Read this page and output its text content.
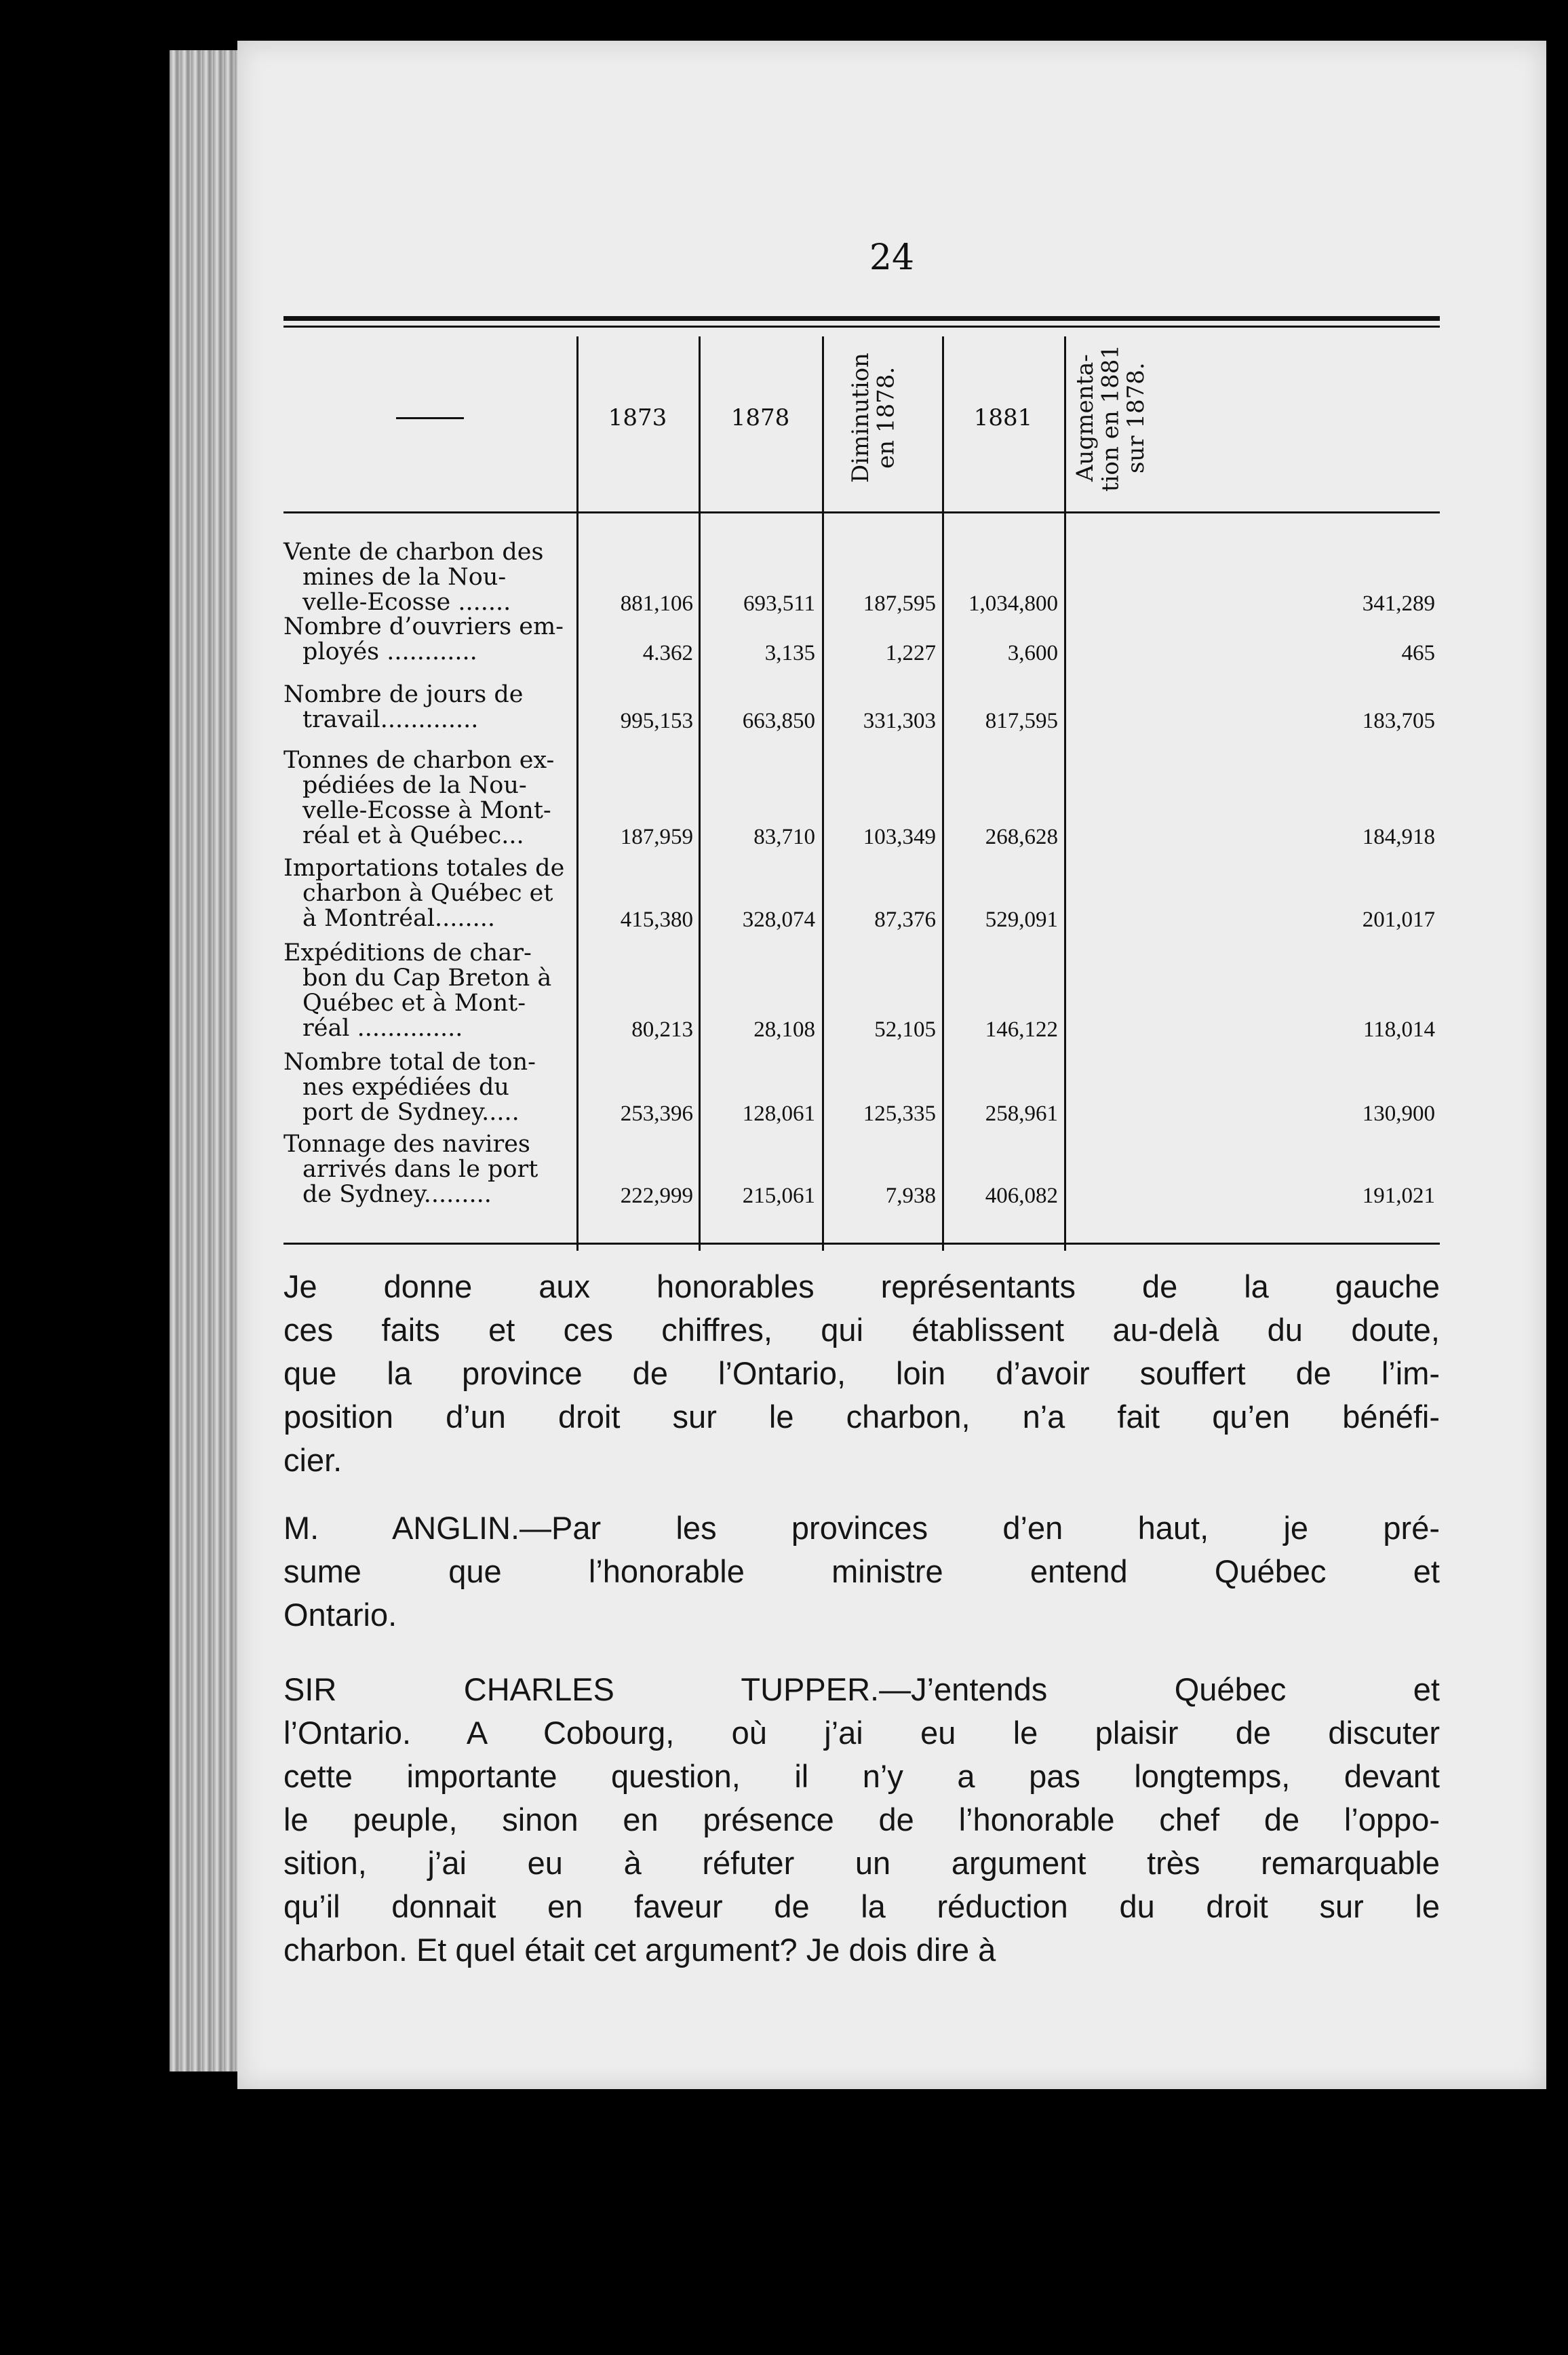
24
1873	1878	Diminution en 1878.	1881	Augmenta-tion en 1881 sur 1878.
Vente de charbon des
mines de la Nou-
velle-Ecosse .......	881,106	693,511	187,595	1,034,800	341,289
Nombre d’ouvriers em-
ployés ............	4.362	3,135	1,227	3,600	465
Nombre de jours de
travail.............	995,153	663,850	331,303	817,595	183,705
Tonnes de charbon ex-
pédiées de la Nou-
velle-Ecosse à Mont-
réal et à Québec...	187,959	83,710	103,349	268,628	184,918
Importations totales de
charbon à Québec et
à Montréal........	415,380	328,074	87,376	529,091	201,017
Expéditions de char-
bon du Cap Breton à
Québec et à Mont-
réal ..............	80,213	28,108	52,105	146,122	118,014
Nombre total de ton-
nes expédiées du
port de Sydney.....	253,396	128,061	125,335	258,961	130,900
Tonnage des navires
arrivés dans le port
de Sydney.........	222,999	215,061	7,938	406,082	191,021
Je donne aux honorables représentants de la gauche
ces faits et ces chiffres, qui établissent au-delà du doute,
que la province de l’Ontario, loin d’avoir souffert de l’im-
position d’un droit sur le charbon, n’a fait qu’en bénéfi-
cier.
M. ANGLIN.—Par les provinces d’en haut, je pré-
sume que l’honorable ministre entend Québec et
Ontario.
SIR CHARLES TUPPER.—J’entends Québec et
l’Ontario. A Cobourg, où j’ai eu le plaisir de discuter
cette importante question, il n’y a pas longtemps, devant
le peuple, sinon en présence de l’honorable chef de l’oppo-
sition, j’ai eu à réfuter un argument très remarquable
qu’il donnait en faveur de la réduction du droit sur le
charbon. Et quel était cet argument? Je dois dire à
